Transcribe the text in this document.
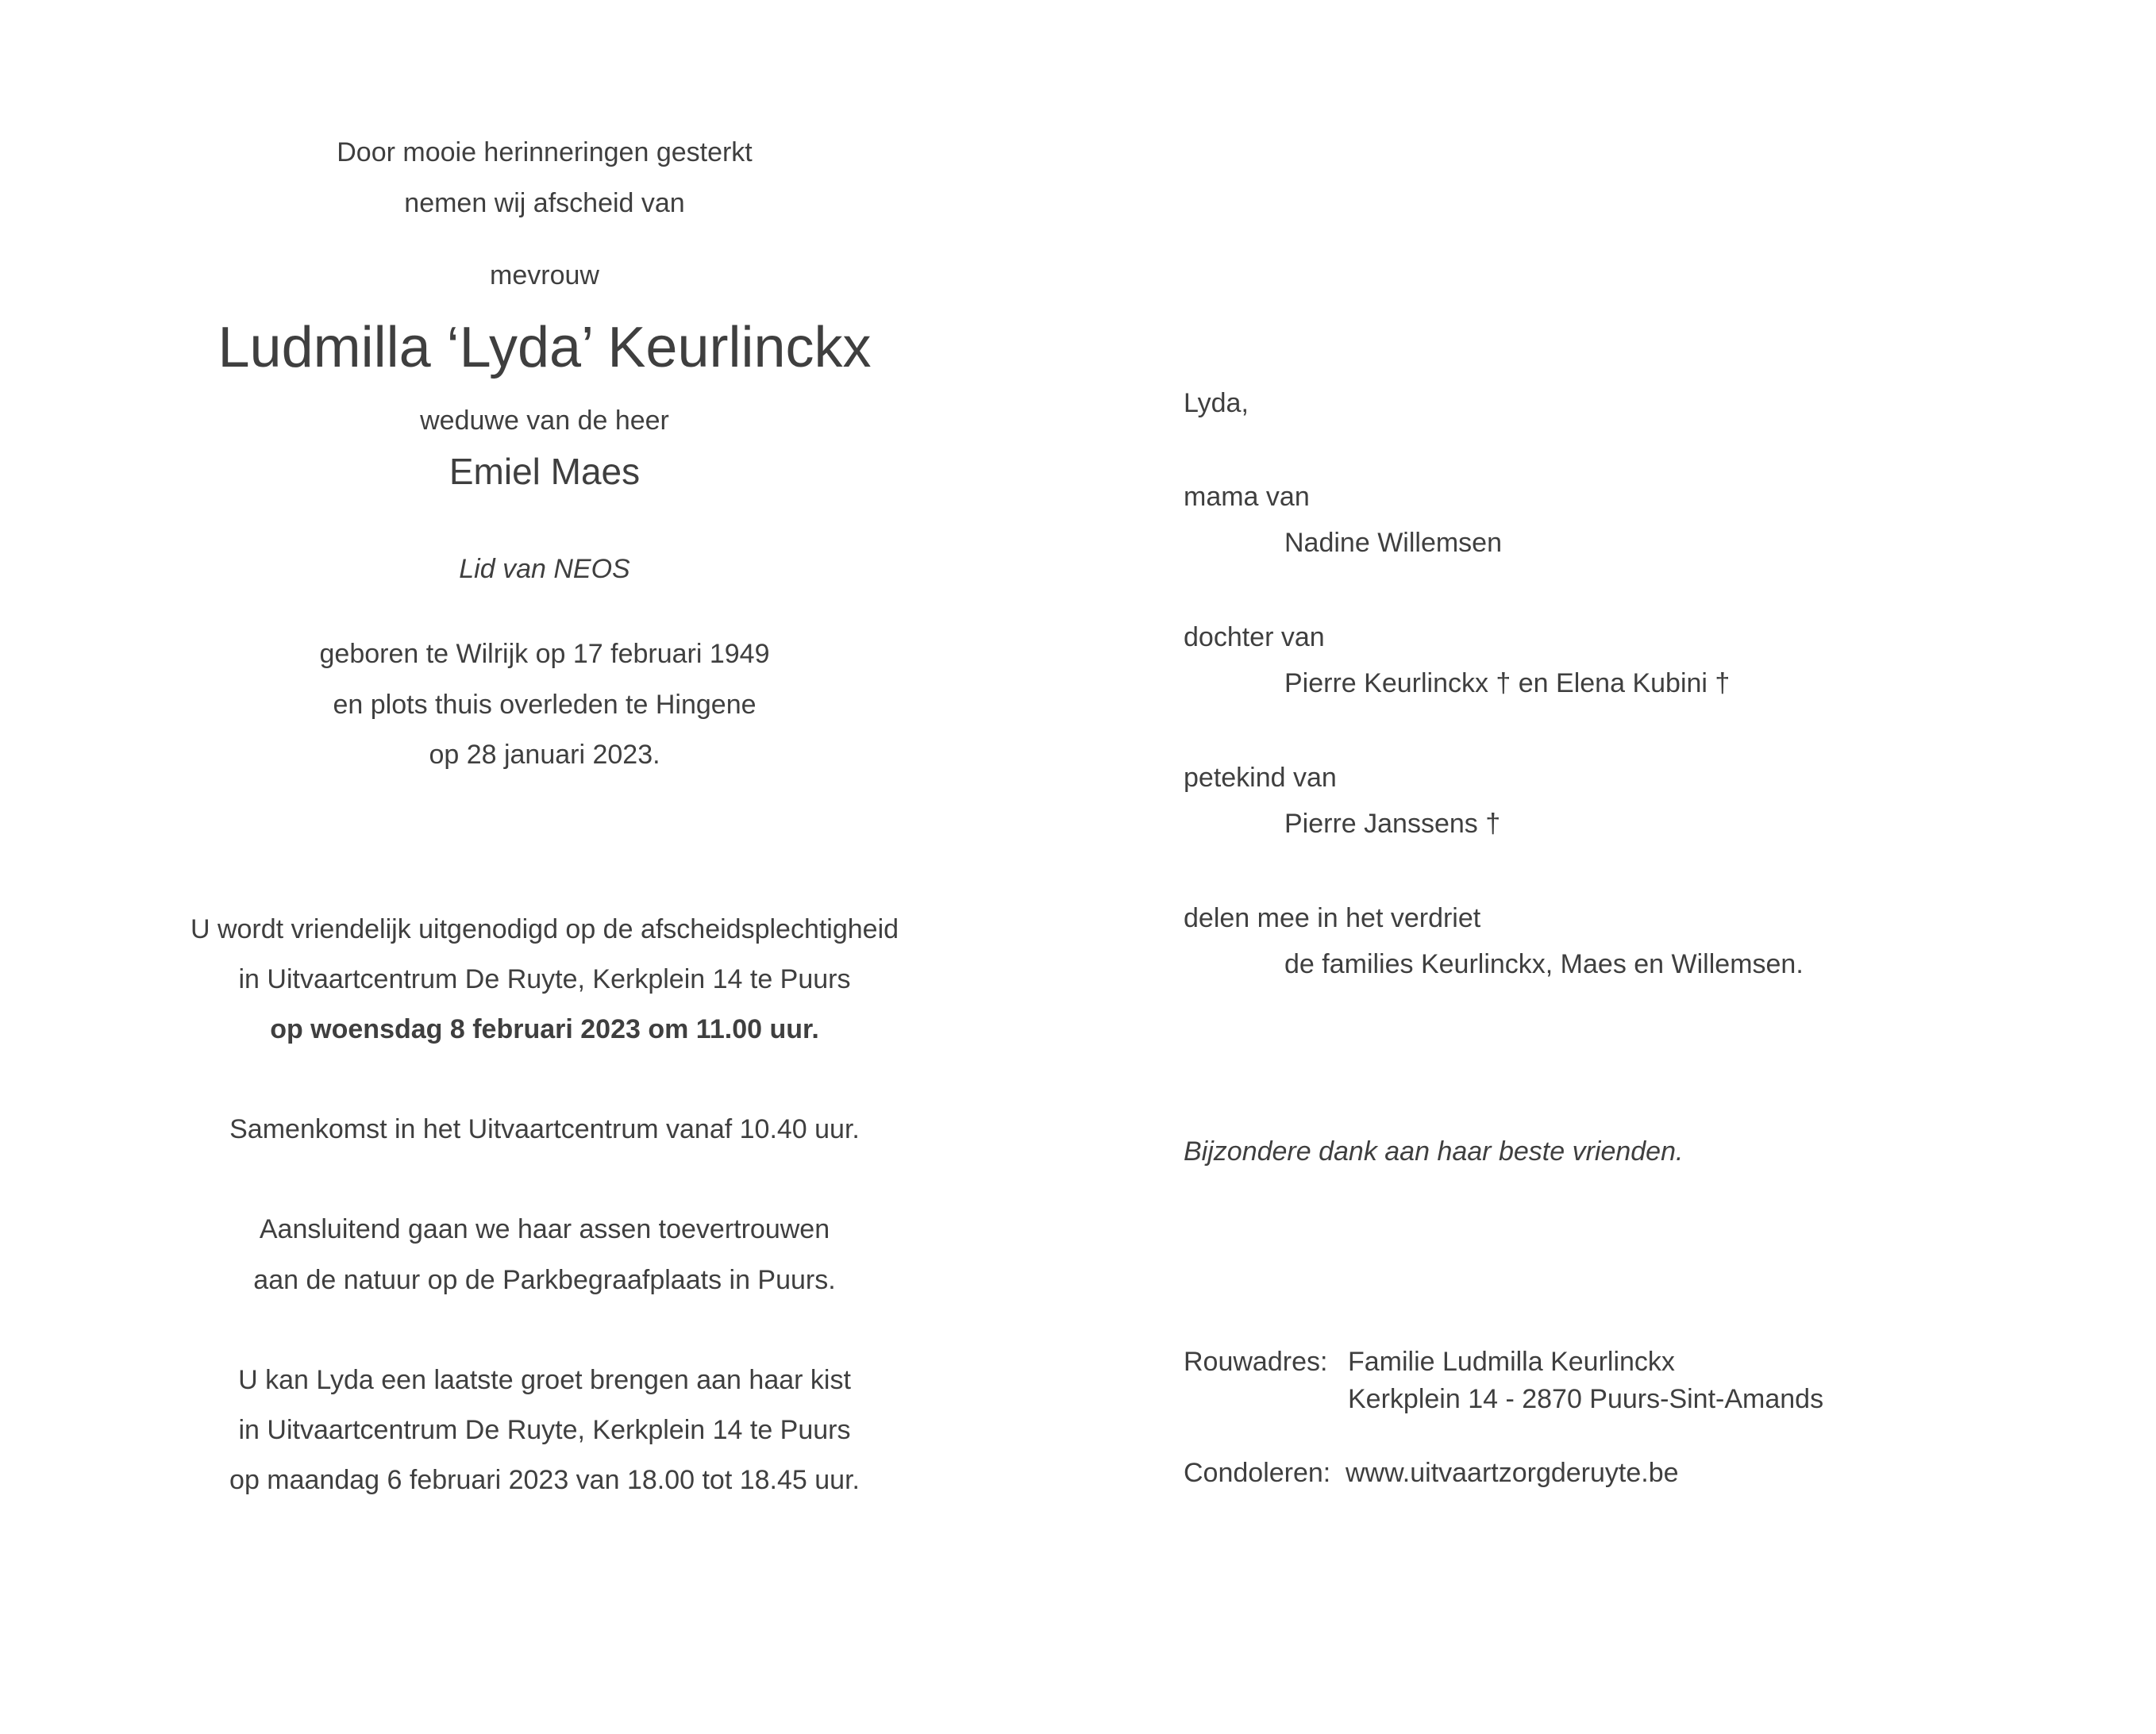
Door mooie herinneringen gesterkt
nemen wij afscheid van
mevrouw
Ludmilla ‘Lyda’ Keurlinckx
weduwe van de heer
Emiel Maes
Lid van NEOS
geboren te Wilrijk op 17 februari 1949
en plots thuis overleden te Hingene
op 28 januari 2023.
U wordt vriendelijk uitgenodigd op de afscheidsplechtigheid
in Uitvaartcentrum De Ruyte, Kerkplein 14 te Puurs
op woensdag 8 februari 2023 om 11.00 uur.
Samenkomst in het Uitvaartcentrum vanaf 10.40 uur.
Aansluitend gaan we haar assen toevertrouwen
aan de natuur op de Parkbegraafplaats in Puurs.
U kan Lyda een laatste groet brengen aan haar kist
in Uitvaartcentrum De Ruyte, Kerkplein 14 te Puurs
op maandag 6 februari 2023 van 18.00 tot 18.45 uur.
Lyda,
mama van
Nadine Willemsen
dochter van
Pierre Keurlinckx † en Elena Kubini †
petekind van
Pierre Janssens †
delen mee in het verdriet
de families Keurlinckx, Maes en Willemsen.
Bijzondere dank aan haar beste vrienden.
Rouwadres: Familie Ludmilla Keurlinckx
Kerkplein 14 - 2870 Puurs-Sint-Amands
Condoleren: www.uitvaartzorgderuyte.be
